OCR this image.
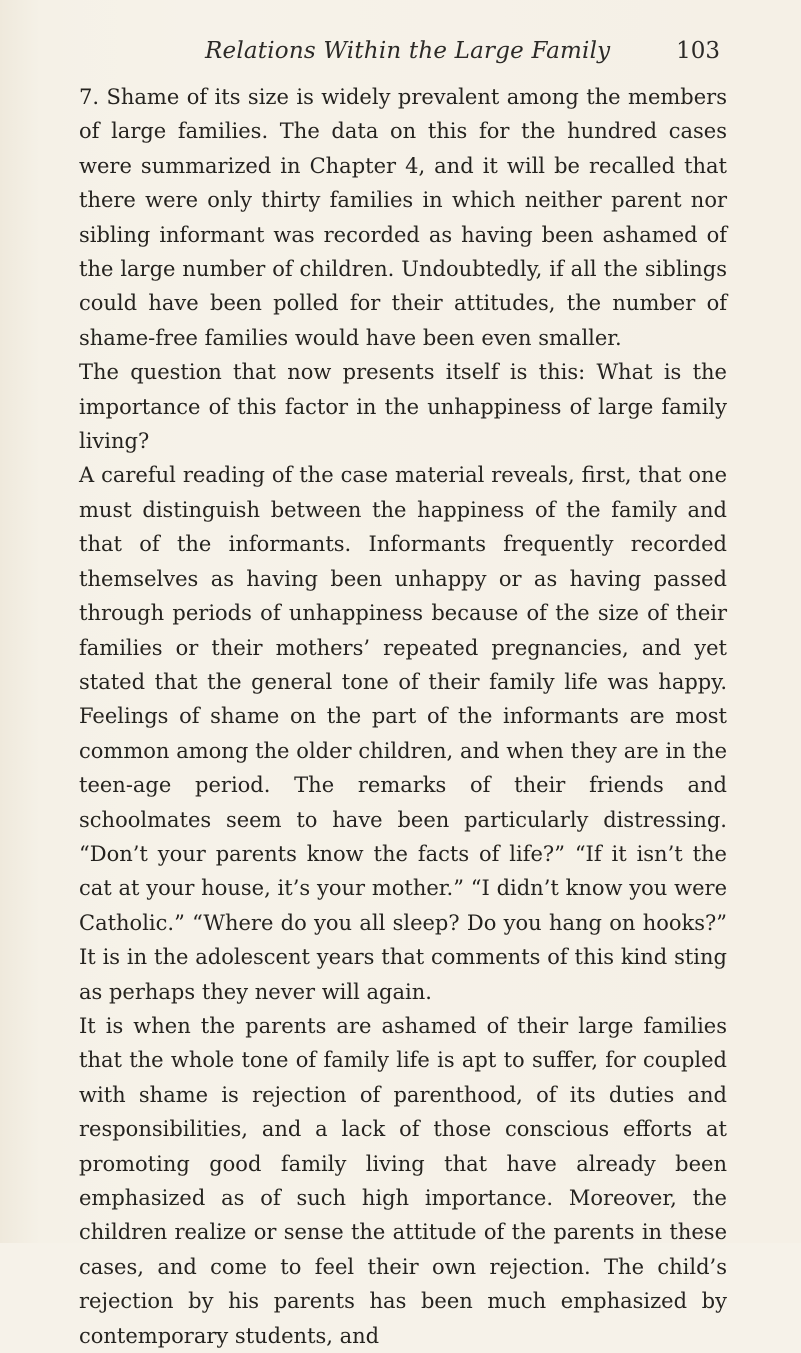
Relations Within the Large Family	103

7. Shame of its size is widely prevalent among the members of large families. The data on this for the hundred cases were summarized in Chapter 4, and it will be recalled that there were only thirty families in which neither parent nor sibling informant was recorded as having been ashamed of the large number of children. Undoubtedly, if all the siblings could have been polled for their attitudes, the number of shame-free families would have been even smaller.

The question that now presents itself is this: What is the importance of this factor in the unhappiness of large family living?

A careful reading of the case material reveals, first, that one must distinguish between the happiness of the family and that of the informants. Informants frequently recorded themselves as having been unhappy or as having passed through periods of unhappiness because of the size of their families or their mothers’ repeated pregnancies, and yet stated that the general tone of their family life was happy. Feelings of shame on the part of the informants are most common among the older children, and when they are in the teen-age period. The remarks of their friends and schoolmates seem to have been particularly distressing. “Don’t your parents know the facts of life?” “If it isn’t the cat at your house, it’s your mother.” “I didn’t know you were Catholic.” “Where do you all sleep? Do you hang on hooks?” It is in the adolescent years that comments of this kind sting as perhaps they never will again.

It is when the parents are ashamed of their large families that the whole tone of family life is apt to suffer, for coupled with shame is rejection of parenthood, of its duties and responsibilities, and a lack of those conscious efforts at promoting good family living that have already been emphasized as of such high importance. Moreover, the children realize or sense the attitude of the parents in these cases, and come to feel their own rejection. The child’s rejection by his parents has been much emphasized by contemporary students, and
